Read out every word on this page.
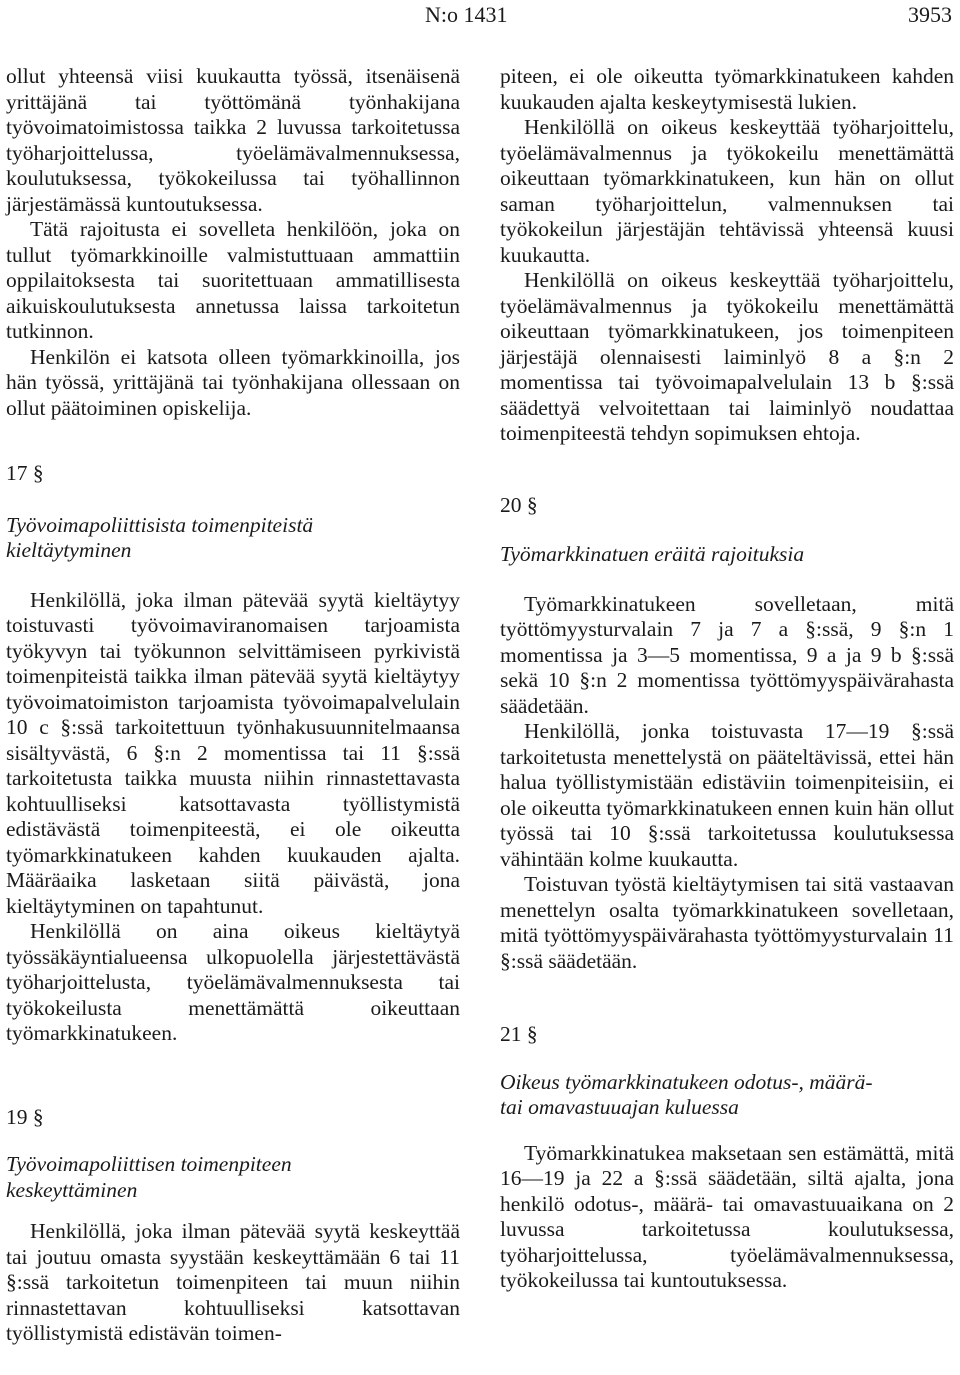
N:o 1431	3953

ollut yhteensä viisi kuukautta työssä, itsenäisenä yrittäjänä tai työttömänä työnhakijana työvoimatoimistossa taikka 2 luvussa tarkoitetussa työharjoittelussa, työelämävalmennuksessa, koulutuksessa, työkokeilussa tai työhallinnon järjestämässä kuntoutuksessa.

Tätä rajoitusta ei sovelleta henkilöön, joka on tullut työmarkkinoille valmistuttuaan ammattiin oppilaitoksesta tai suoritettuaan ammatillisesta aikuiskoulutuksesta annetussa laissa tarkoitetun tutkinnon.

Henkilön ei katsota olleen työmarkkinoilla, jos hän työssä, yrittäjänä tai työnhakijana ollessaan on ollut päätoiminen opiskelija.

17 §

Työvoimapoliittisista toimenpiteistä

kieltäytyminen

Henkilöllä, joka ilman pätevää syytä kieltäytyy toistuvasti työvoimaviranomaisen tarjoamista työkyvyn tai työkunnon selvittämiseen pyrkivistä toimenpiteistä taikka ilman pätevää syytä kieltäytyy työvoimatoimiston tarjoamista työvoimapalvelulain 10 c §:ssä tarkoitettuun työnhakusuunnitelmaansa sisältyvästä, 6 §:n 2 momentissa tai 11 §:ssä tarkoitetusta taikka muusta niihin rinnastettavasta kohtuulliseksi katsottavasta työllistymistä edistävästä toimenpiteestä, ei ole oikeutta työmarkkinatukeen kahden kuukauden ajalta. Määräaika lasketaan siitä päivästä, jona kieltäytyminen on tapahtunut.

Henkilöllä on aina oikeus kieltäytyä työssäkäyntialueensa ulkopuolella järjestettävästä työharjoittelusta, työelämävalmennuksesta tai työkokeilusta menettämättä oikeuttaan työmarkkinatukeen.

19 §

Työvoimapoliittisen toimenpiteen

keskeyttäminen

Henkilöllä, joka ilman pätevää syytä keskeyttää tai joutuu omasta syystään keskeyttämään 6 tai 11 §:ssä tarkoitetun toimenpiteen tai muun niihin rinnastettavan kohtuulliseksi katsottavan työllistymistä edistävän toimen-

piteen, ei ole oikeutta työmarkkinatukeen kahden kuukauden ajalta keskeytymisestä lukien.

Henkilöllä on oikeus keskeyttää työharjoittelu, työelämävalmennus ja työkokeilu menettämättä oikeuttaan työmarkkinatukeen, kun hän on ollut saman työharjoittelun, valmennuksen tai työkokeilun järjestäjän tehtävissä yhteensä kuusi kuukautta.

Henkilöllä on oikeus keskeyttää työharjoittelu, työelämävalmennus ja työkokeilu menettämättä oikeuttaan työmarkkinatukeen, jos toimenpiteen järjestäjä olennaisesti laiminlyö 8 a §:n 2 momentissa tai työvoimapalvelulain 13 b §:ssä säädettyä velvoitettaan tai laiminlyö noudattaa toimenpiteestä tehdyn sopimuksen ehtoja.

20 §

Työmarkkinatuen eräitä rajoituksia

Työmarkkinatukeen sovelletaan, mitä työttömyysturvalain 7 ja 7 a §:ssä, 9 §:n 1 momentissa ja 3—5 momentissa, 9 a ja 9 b §:ssä sekä 10 §:n 2 momentissa työttömyyspäivärahasta säädetään.

Henkilöllä, jonka toistuvasta 17—19 §:ssä tarkoitetusta menettelystä on pääteltävissä, ettei hän halua työllistymistään edistäviin toimenpiteisiin, ei ole oikeutta työmarkkinatukeen ennen kuin hän ollut työssä tai 10 §:ssä tarkoitetussa koulutuksessa vähintään kolme kuukautta.

Toistuvan työstä kieltäytymisen tai sitä vastaavan menettelyn osalta työmarkkinatukeen sovelletaan, mitä työttömyyspäivärahasta työttömyysturvalain 11 §:ssä säädetään.

21 §

Oikeus työmarkkinatukeen odotus-, määrä-

tai omavastuuajan kuluessa

Työmarkkinatukea maksetaan sen estämättä, mitä 16—19 ja 22 a §:ssä säädetään, siltä ajalta, jona henkilö odotus-, määrä- tai omavastuuaikana on 2 luvussa tarkoitetussa koulutuksessa, työharjoittelussa, työelämävalmennuksessa, työkokeilussa tai kuntoutuksessa.
